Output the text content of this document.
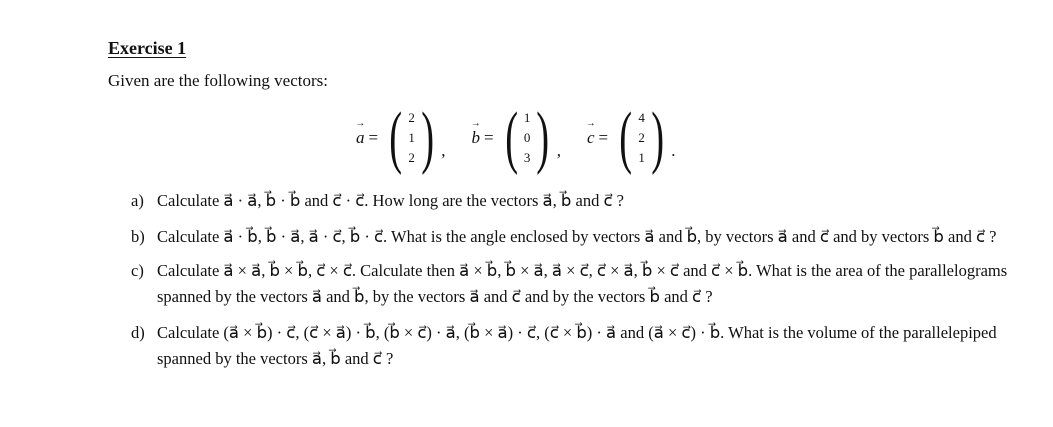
Exercise 1
Given are the following vectors:
→ a = ( 2
1
2 ) ,
→ b = ( 1
0
3 ) ,
→ c = ( 4
2
1 ) .
a) Calculate a⃗ · a⃗, b⃗ · b⃗ and c⃗ · c⃗. How long are the vectors a⃗, b⃗ and c⃗ ?
b) Calculate a⃗ · b⃗, b⃗ · a⃗, a⃗ · c⃗, b⃗ · c⃗. What is the angle enclosed by vectors a⃗ and b⃗, by vectors a⃗ and c⃗ and by vectors b⃗ and c⃗ ?
c) Calculate a⃗ × a⃗, b⃗ × b⃗, c⃗ × c⃗. Calculate then a⃗ × b⃗, b⃗ × a⃗, a⃗ × c⃗, c⃗ × a⃗, b⃗ × c⃗ and c⃗ × b⃗. What is the area of the parallelograms spanned by the vectors a⃗ and b⃗, by the vectors a⃗ and c⃗ and by the vectors b⃗ and c⃗ ?
d) Calculate (a⃗ × b⃗) · c⃗, (c⃗ × a⃗) · b⃗, (b⃗ × c⃗) · a⃗, (b⃗ × a⃗) · c⃗, (c⃗ × b⃗) · a⃗ and (a⃗ × c⃗) · b⃗. What is the volume of the parallelepiped spanned by the vectors a⃗, b⃗ and c⃗ ?
